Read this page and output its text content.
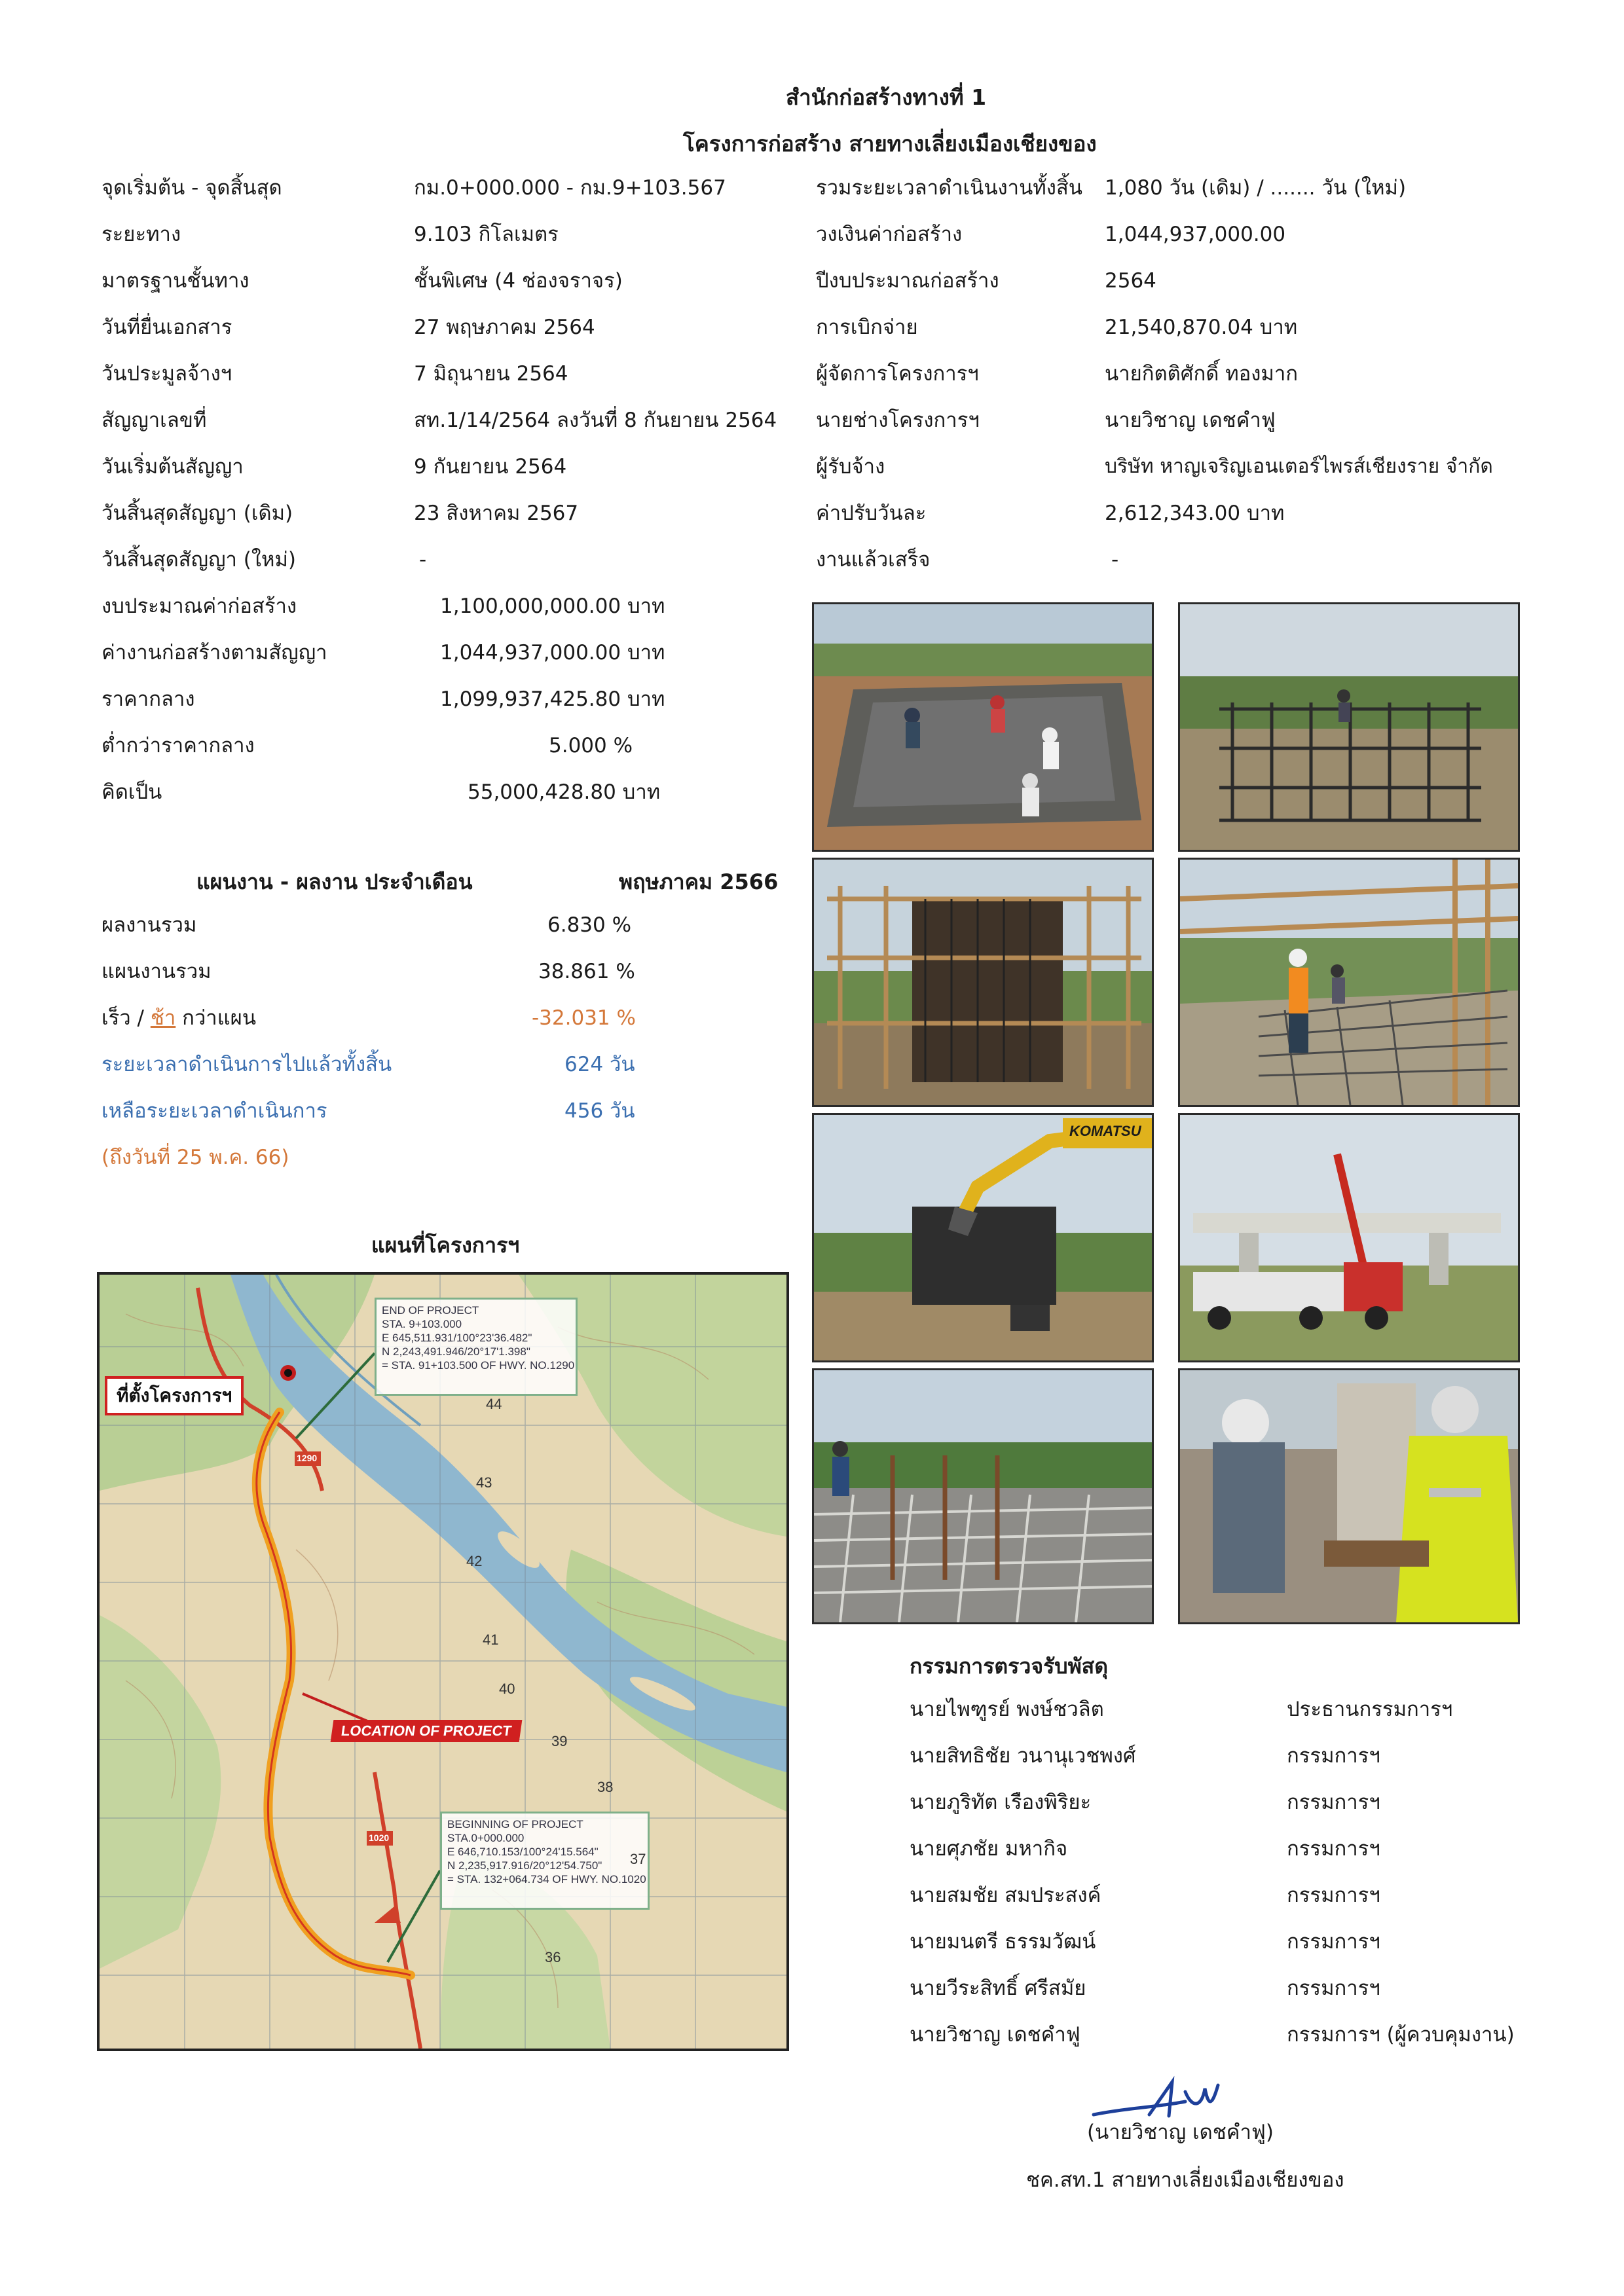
สำนักก่อสร้างทางที่ 1
โครงการก่อสร้าง สายทางเลี่ยงเมืองเชียงของ
จุดเริ่มต้น - จุดสิ้นสุด	กม.0+000.000 - กม.9+103.567
ระยะทาง	9.103 กิโลเมตร
มาตรฐานชั้นทาง	ชั้นพิเศษ (4 ช่องจราจร)
วันที่ยื่นเอกสาร	27 พฤษภาคม 2564
วันประมูลจ้างฯ	7 มิถุนายน 2564
สัญญาเลขที่	สท.1/14/2564 ลงวันที่ 8 กันยายน 2564
วันเริ่มต้นสัญญา	9 กันยายน 2564
วันสิ้นสุดสัญญา (เดิม)	23 สิงหาคม 2567
วันสิ้นสุดสัญญา (ใหม่)	-
รวมระยะเวลาดำเนินงานทั้งสิ้น 1,080 วัน (เดิม) / ....... วัน (ใหม่)
วงเงินค่าก่อสร้าง	1,044,937,000.00
ปีงบประมาณก่อสร้าง	2564
การเบิกจ่าย	21,540,870.04 บาท
ผู้จัดการโครงการฯ	นายกิตติศักดิ์ ทองมาก
นายช่างโครงการฯ	นายวิชาญ เดชคำฟู
ผู้รับจ้าง	บริษัท หาญเจริญเอนเตอร์ไพรส์เชียงราย จำกัด
ค่าปรับวันละ	2,612,343.00 บาท
งานแล้วเสร็จ	-
งบประมาณค่าก่อสร้าง	1,100,000,000.00 บาท
ค่างานก่อสร้างตามสัญญา	1,044,937,000.00 บาท
ราคากลาง	1,099,937,425.80 บาท
ต่ำกว่าราคากลาง	5.000 %
คิดเป็น	55,000,428.80 บาท
แผนงาน - ผลงาน ประจำเดือน	พฤษภาคม 2566
ผลงานรวม	6.830 %
แผนงานรวม	38.861 %
เร็ว / ช้า กว่าแผน	-32.031 %
ระยะเวลาดำเนินการไปแล้วทั้งสิ้น	624 วัน
เหลือระยะเวลาดำเนินการ	456 วัน
(ถึงวันที่ 25 พ.ค. 66)
แผนที่โครงการฯ
END OF PROJECT
STA. 9+103.000
E 645,511.931/100°23'36.482"
N 2,243,491.946/20°17'1.398"
= STA. 91+103.500 OF HWY. NO.1290
BEGINNING OF PROJECT
STA.0+000.000
E 646,710.153/100°24'15.564"
N 2,235,917.916/20°12'54.750"
= STA. 132+064.734 OF HWY. NO.1020
ที่ตั้งโครงการฯ
LOCATION OF PROJECT
1290
1020
44
43
42
41
40
39
38
37
36
KOMATSU
กรรมการตรวจรับพัสดุ
นายไพฑูรย์ พงษ์ชวลิต	ประธานกรรมการฯ
นายสิทธิชัย วนานุเวชพงศ์	กรรมการฯ
นายภูริทัต เรืองพิริยะ	กรรมการฯ
นายศุภชัย มหากิจ	กรรมการฯ
นายสมชัย สมประสงค์	กรรมการฯ
นายมนตรี ธรรมวัฒน์	กรรมการฯ
นายวีระสิทธิ์ ศรีสมัย	กรรมการฯ
นายวิชาญ เดชคำฟู	กรรมการฯ (ผู้ควบคุมงาน)
(นายวิชาญ เดชคำฟู)
ชค.สท.1 สายทางเลี่ยงเมืองเชียงของ
